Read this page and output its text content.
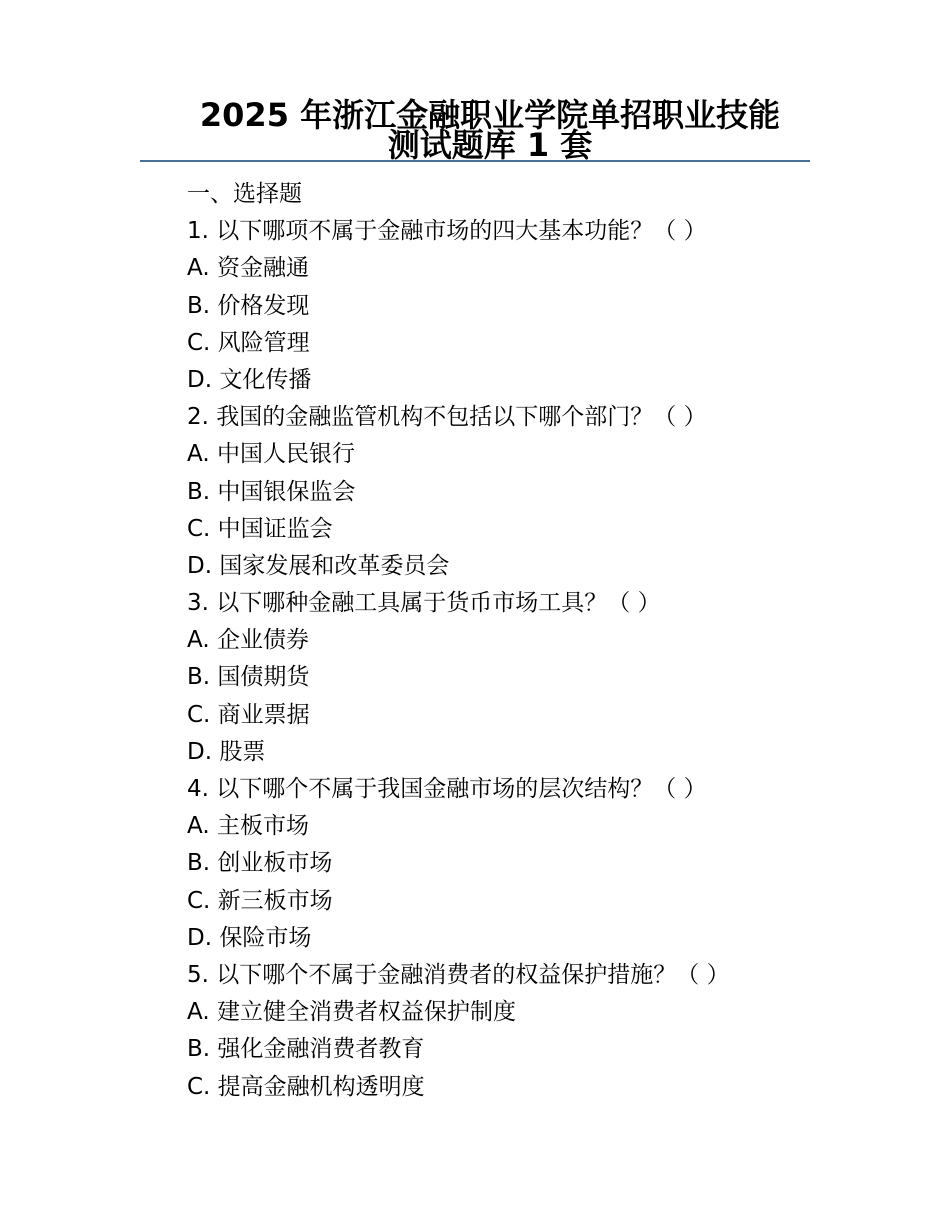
2025 年浙江金融职业学院单招职业技能
测试题库 1 套
一、选择题
1. 以下哪项不属于金融市场的四大基本功能？（ ）
A. 资金融通
B. 价格发现
C. 风险管理
D. 文化传播
2. 我国的金融监管机构不包括以下哪个部门？（ ）
A. 中国人民银行
B. 中国银保监会
C. 中国证监会
D. 国家发展和改革委员会
3. 以下哪种金融工具属于货币市场工具？（ ）
A. 企业债券
B. 国债期货
C. 商业票据
D. 股票
4. 以下哪个不属于我国金融市场的层次结构？（ ）
A. 主板市场
B. 创业板市场
C. 新三板市场
D. 保险市场
5. 以下哪个不属于金融消费者的权益保护措施？（ ）
A. 建立健全消费者权益保护制度
B. 强化金融消费者教育
C. 提高金融机构透明度
